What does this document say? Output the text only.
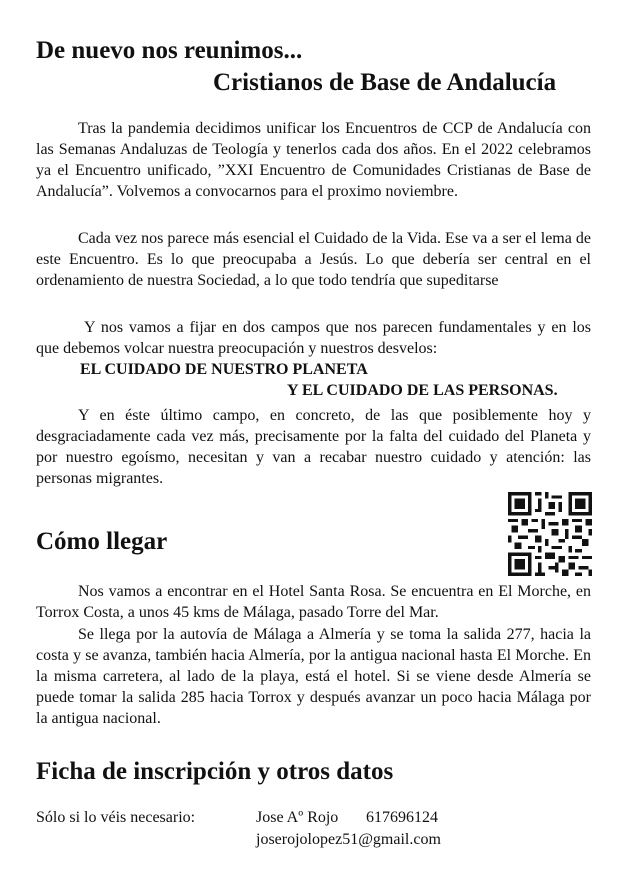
De nuevo nos reunimos...
Cristianos de Base de Andalucía

Tras la pandemia decidimos unificar los Encuentros de CCP de Andalucía con las Semanas Andaluzas de Teología y tenerlos cada dos años. En el 2022 celebramos ya el Encuentro unificado, ”XXI Encuentro de Comunidades Cristianas de Base de Andalucía”. Volvemos a convocarnos para el proximo noviembre.

Cada vez nos parece más esencial el Cuidado de la Vida. Ese va a ser el lema de este Encuentro. Es lo que preocupaba a Jesús. Lo que debería ser central en el ordenamiento de nuestra Sociedad, a lo que todo tendría que supeditarse

Y nos vamos a fijar en dos campos que nos parecen fundamentales y en los que debemos volcar nuestra preocupación y nuestros desvelos:

EL CUIDADO DE NUESTRO PLANETA
Y EL CUIDADO DE LAS PERSONAS.

Y en éste último campo, en concreto, de las que posiblemente hoy y desgraciadamente cada vez más, precisamente por la falta del cuidado del Planeta y por nuestro egoísmo, necesitan y van a recabar nuestro cuidado y atención: las personas migrantes.

Cómo llegar

Nos vamos a encontrar en el Hotel Santa Rosa. Se encuentra en El Morche, en Torrox Costa, a unos 45 kms de Málaga, pasado Torre del Mar.

Se llega por la autovía de Málaga a Almería y se toma la salida 277, hacia la costa y se avanza, también hacia Almería, por la antigua nacional hasta El Morche. En la misma carretera, al lado de la playa, está el hotel. Si se viene desde Almería se puede tomar la salida 285 hacia Torrox y después avanzar un poco hacia Málaga por la antigua nacional.

Ficha de inscripción y otros datos
Sólo si lo véis necesario:	Jose Aº Rojo 617696124
joserojolopez51@gmail.com
